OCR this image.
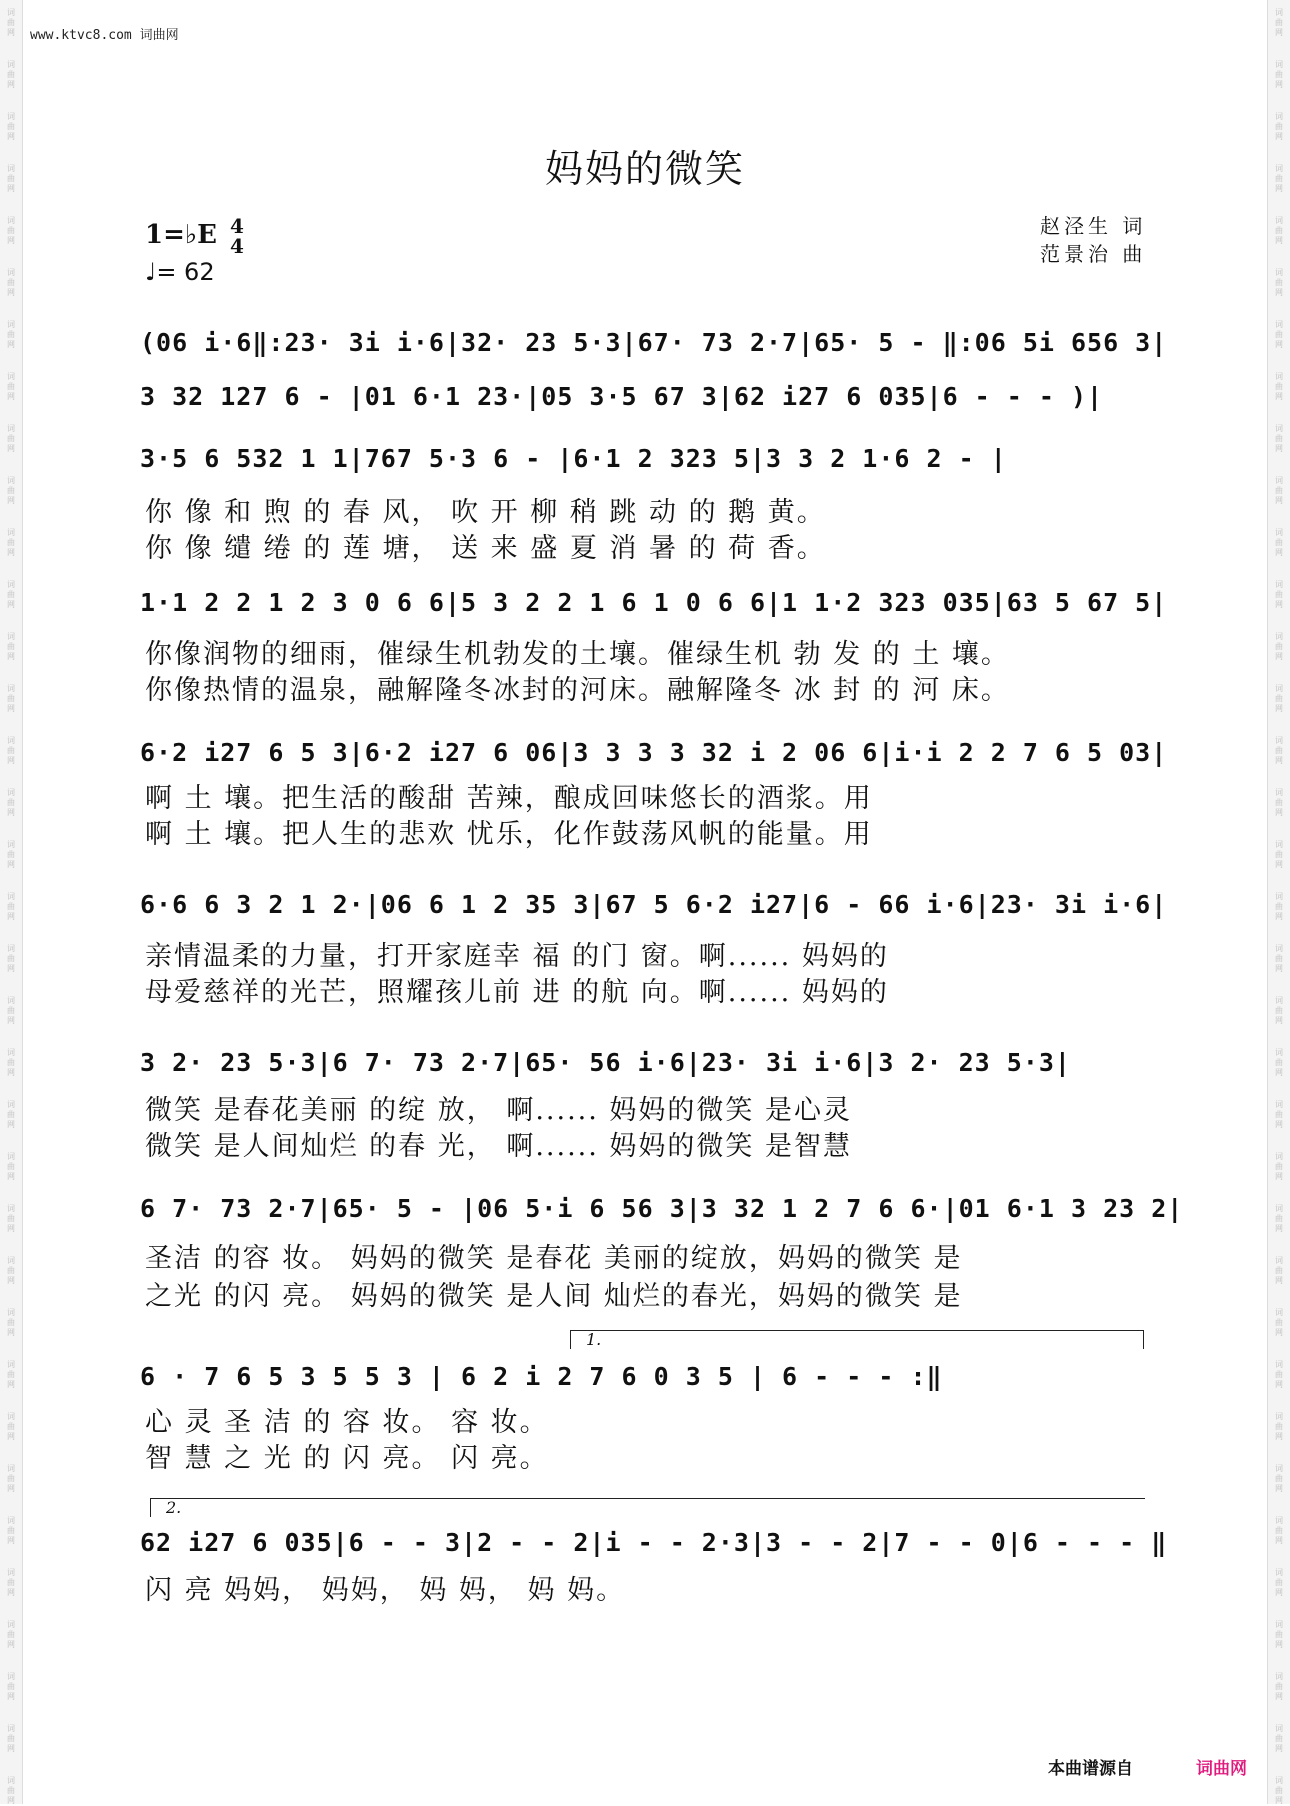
词
曲
网
词
曲
网
词
曲
网
词
曲
网
词
曲
网
词
曲
网
词
曲
网
词
曲
网
词
曲
网
词
曲
网
词
曲
网
词
曲
网
词
曲
网
词
曲
网
词
曲
网
词
曲
网
词
曲
网
词
曲
网
词
曲
网
词
曲
网
词
曲
网
词
曲
网
词
曲
网
词
曲
网
词
曲
网
词
曲
网
词
曲
网
词
曲
网
词
曲
网
词
曲
网
词
曲
网
词
曲
网
词
曲
网
词
曲
网
词
曲
网
词
曲
网
词
曲
网
词
曲
网
词
曲
网
词
曲
网
词
曲
网
词
曲
网
词
曲
网
词
曲
网
词
曲
网
词
曲
网
词
曲
网
词
曲
网
词
曲
网
词
曲
网
词
曲
网
词
曲
网
词
曲
网
词
曲
网
词
曲
网
词
曲
网
词
曲
网
词
曲
网
词
曲
网
词
曲
网
词
曲
网
词
曲
网
词
曲
网
词
曲
网
词
曲
网
词
曲
网
词
曲
网
词
曲
网
词
曲
网
词
曲
网
www.ktvc8.com 词曲网
妈妈的微笑
1=♭E 4
4
♩= 62
赵泾生 词
范景治 曲
(06 i·6‖:23· 3i i·6|32· 23 5·3|67· 73 2·7|65· 5 - ‖:06 5i 656 3|
3 32 127 6 - |01 6·1 23·|05 3·5 67 3|62 i27 6 035|6 - - - )|
3·5 6 532 1 1|767 5·3 6 - |6·1 2 323 5|3 3 2 1·6 2 - |
你 像 和 煦 的 春 风， 吹 开 柳 稍 跳 动 的 鹅 黄。
你 像 缱 绻 的 莲 塘， 送 来 盛 夏 消 暑 的 荷 香。
1·1 2 2 1 2 3 0 6 6|5 3 2 2 1 6 1 0 6 6|1 1·2 323 035|63 5 67 5|
你像润物的细雨，催绿生机勃发的土壤。催绿生机 勃 发 的 土 壤。
你像热情的温泉，融解隆冬冰封的河床。融解隆冬 冰 封 的 河 床。
6·2 i27 6 5 3|6·2 i27 6 06|3 3 3 3 32 i 2 06 6|i·i 2 2 7 6 5 03|
啊 土 壤。把生活的酸甜 苦辣，酿成回味悠长的酒浆。用
啊 土 壤。把人生的悲欢 忧乐，化作鼓荡风帆的能量。用
6·6 6 3 2 1 2·|06 6 1 2 35 3|67 5 6·2 i27|6 - 66 i·6|23· 3i i·6|
亲情温柔的力量，打开家庭幸 福 的门 窗。啊...... 妈妈的
母爱慈祥的光芒，照耀孩儿前 进 的航 向。啊...... 妈妈的
3 2· 23 5·3|6 7· 73 2·7|65· 56 i·6|23· 3i i·6|3 2· 23 5·3|
微笑 是春花美丽 的绽 放， 啊...... 妈妈的微笑 是心灵
微笑 是人间灿烂 的春 光， 啊...... 妈妈的微笑 是智慧
6 7· 73 2·7|65· 5 - |06 5·i 6 56 3|3 32 1 2 7 6 6·|01 6·1 3 23 2|
圣洁 的容 妆。 妈妈的微笑 是春花 美丽的绽放，妈妈的微笑 是
之光 的闪 亮。 妈妈的微笑 是人间 灿烂的春光，妈妈的微笑 是
1.
6 · 7 6 5 3 5 5 3 | 6 2 i 2 7 6 0 3 5 | 6 - - - :‖
心 灵 圣 洁 的 容 妆。 容 妆。
智 慧 之 光 的 闪 亮。 闪 亮。
2.
62 i27 6 035|6 - - 3|2 - - 2|i - - 2·3|3 - - 2|7 - - 0|6 - - - ‖
闪 亮 妈妈， 妈妈， 妈 妈， 妈 妈。
本曲谱源自	词曲网
